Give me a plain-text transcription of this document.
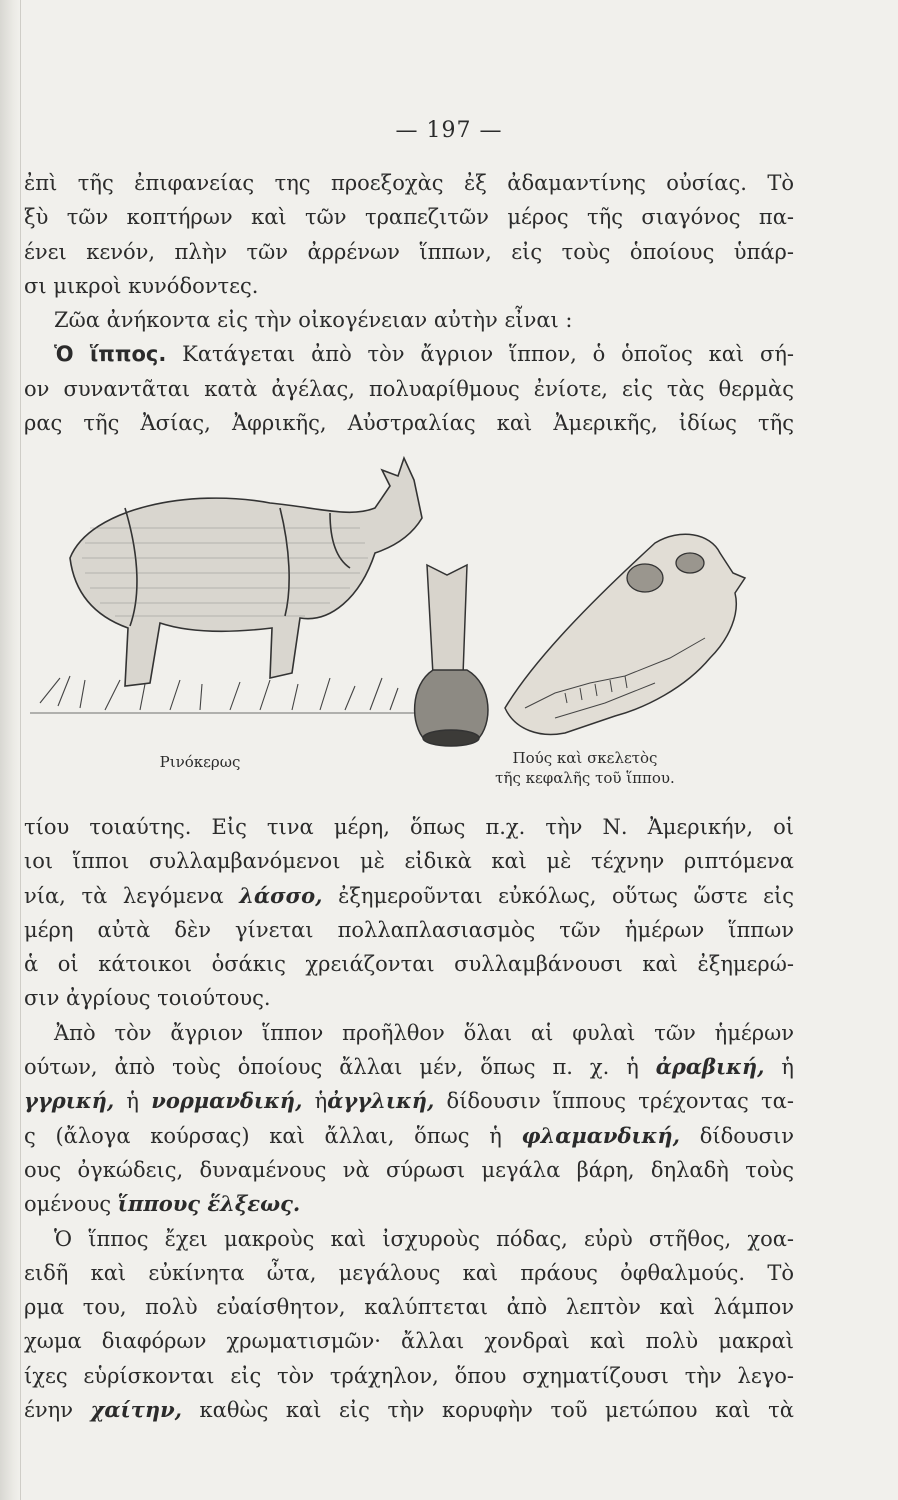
— 197 —

ἐπὶ τῆς ἐπιφανείας της προεξοχὰς ἐξ ἀδαμαντίνης οὐσίας. Τὸ

ξὺ τῶν κοπτήρων καὶ τῶν τραπεζιτῶν μέρος τῆς σιαγόνος πα-

ένει κενόν, πλὴν τῶν ἀρρένων ἵππων, εἰς τοὺς ὁποίους ὑπάρ-

σι μικροὶ κυνόδοντες.

Ζῶα ἀνήκοντα εἰς τὴν οἰκογένειαν αὐτὴν εἶναι :

Ὁ ἵππος. Κατάγεται ἀπὸ τὸν ἄγριον ἵππον, ὁ ὁποῖος καὶ σή-

ον συναντᾶται κατὰ ἀγέλας, πολυαρίθμους ἐνίοτε, εἰς τὰς θερμὰς

ρας τῆς Ἀσίας, Ἀφρικῆς, Αὐστραλίας καὶ Ἀμερικῆς, ἰδίως τῆς

Ρινόκερως	Πούς καὶ σκελετὸς
τῆς κεφαλῆς τοῦ ἵππου.

τίου τοιαύτης. Εἰς τινα μέρη, ὅπως π.χ. τὴν Ν. Ἀμερικήν, οἱ

ιοι ἵπποι συλλαμβανόμενοι μὲ εἰδικὰ καὶ μὲ τέχνην ριπτόμενα

νία, τὰ λεγόμενα λάσσο, ἐξημεροῦνται εὐκόλως, οὕτως ὥστε εἰς

μέρη αὐτὰ δὲν γίνεται πολλαπλασιασμὸς τῶν ἡμέρων ἵππων

ἁ οἱ κάτοικοι ὁσάκις χρειάζονται συλλαμβάνουσι καὶ ἐξημερώ-

σιν ἀγρίους τοιούτους.

Ἀπὸ τὸν ἄγριον ἵππον προῆλθον ὅλαι αἱ φυλαὶ τῶν ἡμέρων

ούτων, ἀπὸ τοὺς ὁποίους ἄλλαι μέν, ὅπως π. χ. ἡ ἀραβική, ἡ

γγρική, ἡ νορμανδική, ἡἀγγλική, δίδουσιν ἵππους τρέχοντας τα-

ς (ἄλογα κούρσας) καὶ ἄλλαι, ὅπως ἡ φλαμανδική, δίδουσιν

ους ὀγκώδεις, δυναμένους νὰ σύρωσι μεγάλα βάρη, δηλαδὴ τοὺς

ομένους ἵππους ἕλξεως.

Ὁ ἵππος ἔχει μακροὺς καὶ ἰσχυροὺς πόδας, εὐρὺ στῆθος, χοα-

ειδῆ καὶ εὐκίνητα ὦτα, μεγάλους καὶ πράους ὀφθαλμούς. Τὸ

ρμα του, πολὺ εὐαίσθητον, καλύπτεται ἀπὸ λεπτὸν καὶ λάμπον

χωμα διαφόρων χρωματισμῶν· ἄλλαι χονδραὶ καὶ πολὺ μακραὶ

ίχες εὑρίσκονται εἰς τὸν τράχηλον, ὅπου σχηματίζουσι τὴν λεγο-

ένην χαίτην, καθὼς καὶ εἰς τὴν κορυφὴν τοῦ μετώπου καὶ τὰ
